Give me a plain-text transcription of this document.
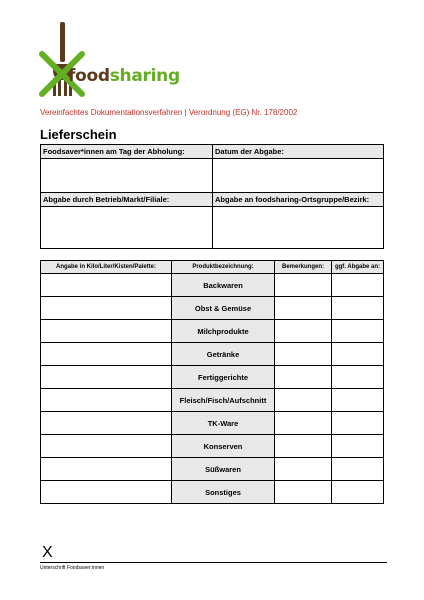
foodsharing
Vereinfachtes Dokumentationsverfahren | Verordnung (EG) Nr. 178/2002
Lieferschein
Foodsaver*innen am Tag der Abholung:	Datum der Abgabe:

Abgabe durch Betrieb/Markt/Filiale:	Abgabe an foodsharing-Ortsgruppe/Bezirk:

Angabe in Kilo/Liter/Kisten/Palette:	Produktbezeichnung:	Bemerkungen:	ggf. Abgabe an:
	Backwaren		
	Obst & Gemüse		
	Milchprodukte		
	Getränke		
	Fertiggerichte		
	Fleisch/Fisch/Aufschnitt		
	TK-Ware		
	Konserven		
	Süßwaren		
	Sonstiges		
X
Unterschrift Foodsaver:innen
